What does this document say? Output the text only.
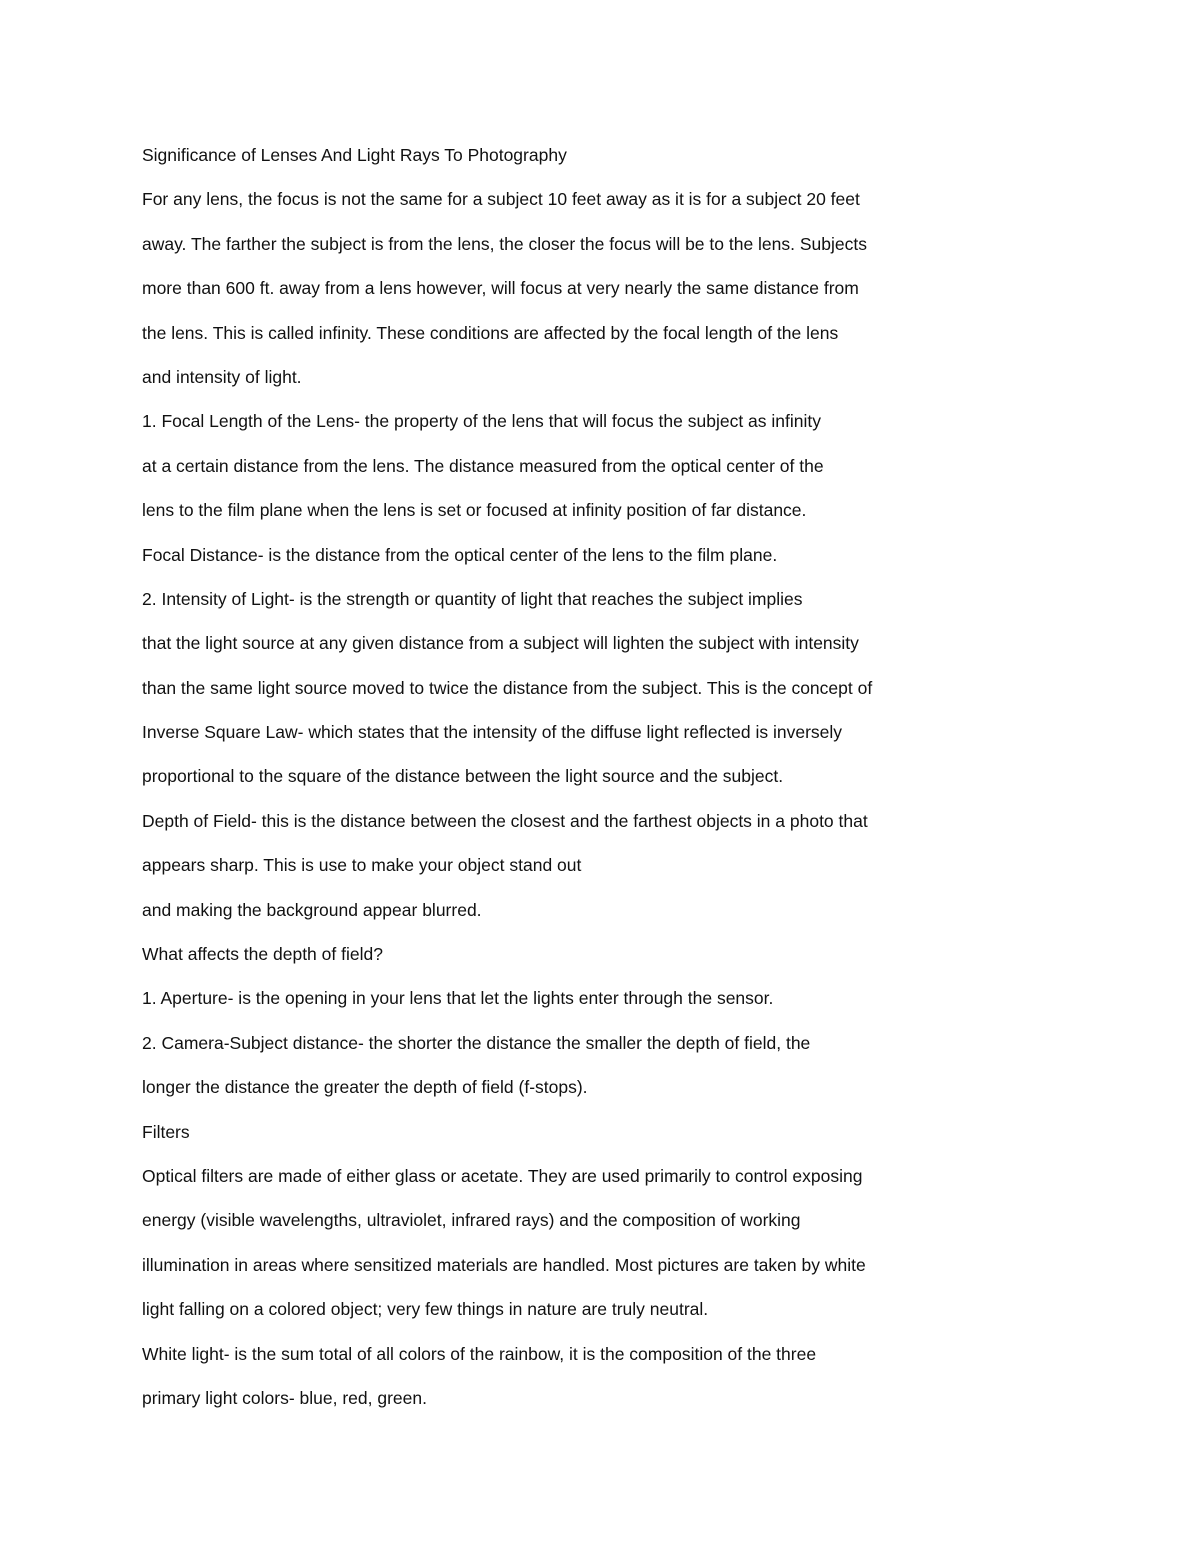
Significance of Lenses And Light Rays To Photography
For any lens, the focus is not the same for a subject 10 feet away as it is for a subject 20 feet
away. The farther the subject is from the lens, the closer the focus will be to the lens. Subjects
more than 600 ft. away from a lens however, will focus at very nearly the same distance from
the lens. This is called infinity. These conditions are affected by the focal length of the lens
and intensity of light.
1. Focal Length of the Lens- the property of the lens that will focus the subject as infinity
at a certain distance from the lens. The distance measured from the optical center of the
lens to the film plane when the lens is set or focused at infinity position of far distance.
Focal Distance- is the distance from the optical center of the lens to the film plane.
2. Intensity of Light- is the strength or quantity of light that reaches the subject implies
that the light source at any given distance from a subject will lighten the subject with intensity
than the same light source moved to twice the distance from the subject. This is the concept of
Inverse Square Law- which states that the intensity of the diffuse light reflected is inversely
proportional to the square of the distance between the light source and the subject.
Depth of Field- this is the distance between the closest and the farthest objects in a photo that
appears sharp. This is use to make your object stand out
and making the background appear blurred.
What affects the depth of field?
1. Aperture- is the opening in your lens that let the lights enter through the sensor.
2. Camera-Subject distance- the shorter the distance the smaller the depth of field, the
longer the distance the greater the depth of field (f-stops).
Filters
Optical filters are made of either glass or acetate. They are used primarily to control exposing
energy (visible wavelengths, ultraviolet, infrared rays) and the composition of working
illumination in areas where sensitized materials are handled. Most pictures are taken by white
light falling on a colored object; very few things in nature are truly neutral.
White light- is the sum total of all colors of the rainbow, it is the composition of the three
primary light colors- blue, red, green.
